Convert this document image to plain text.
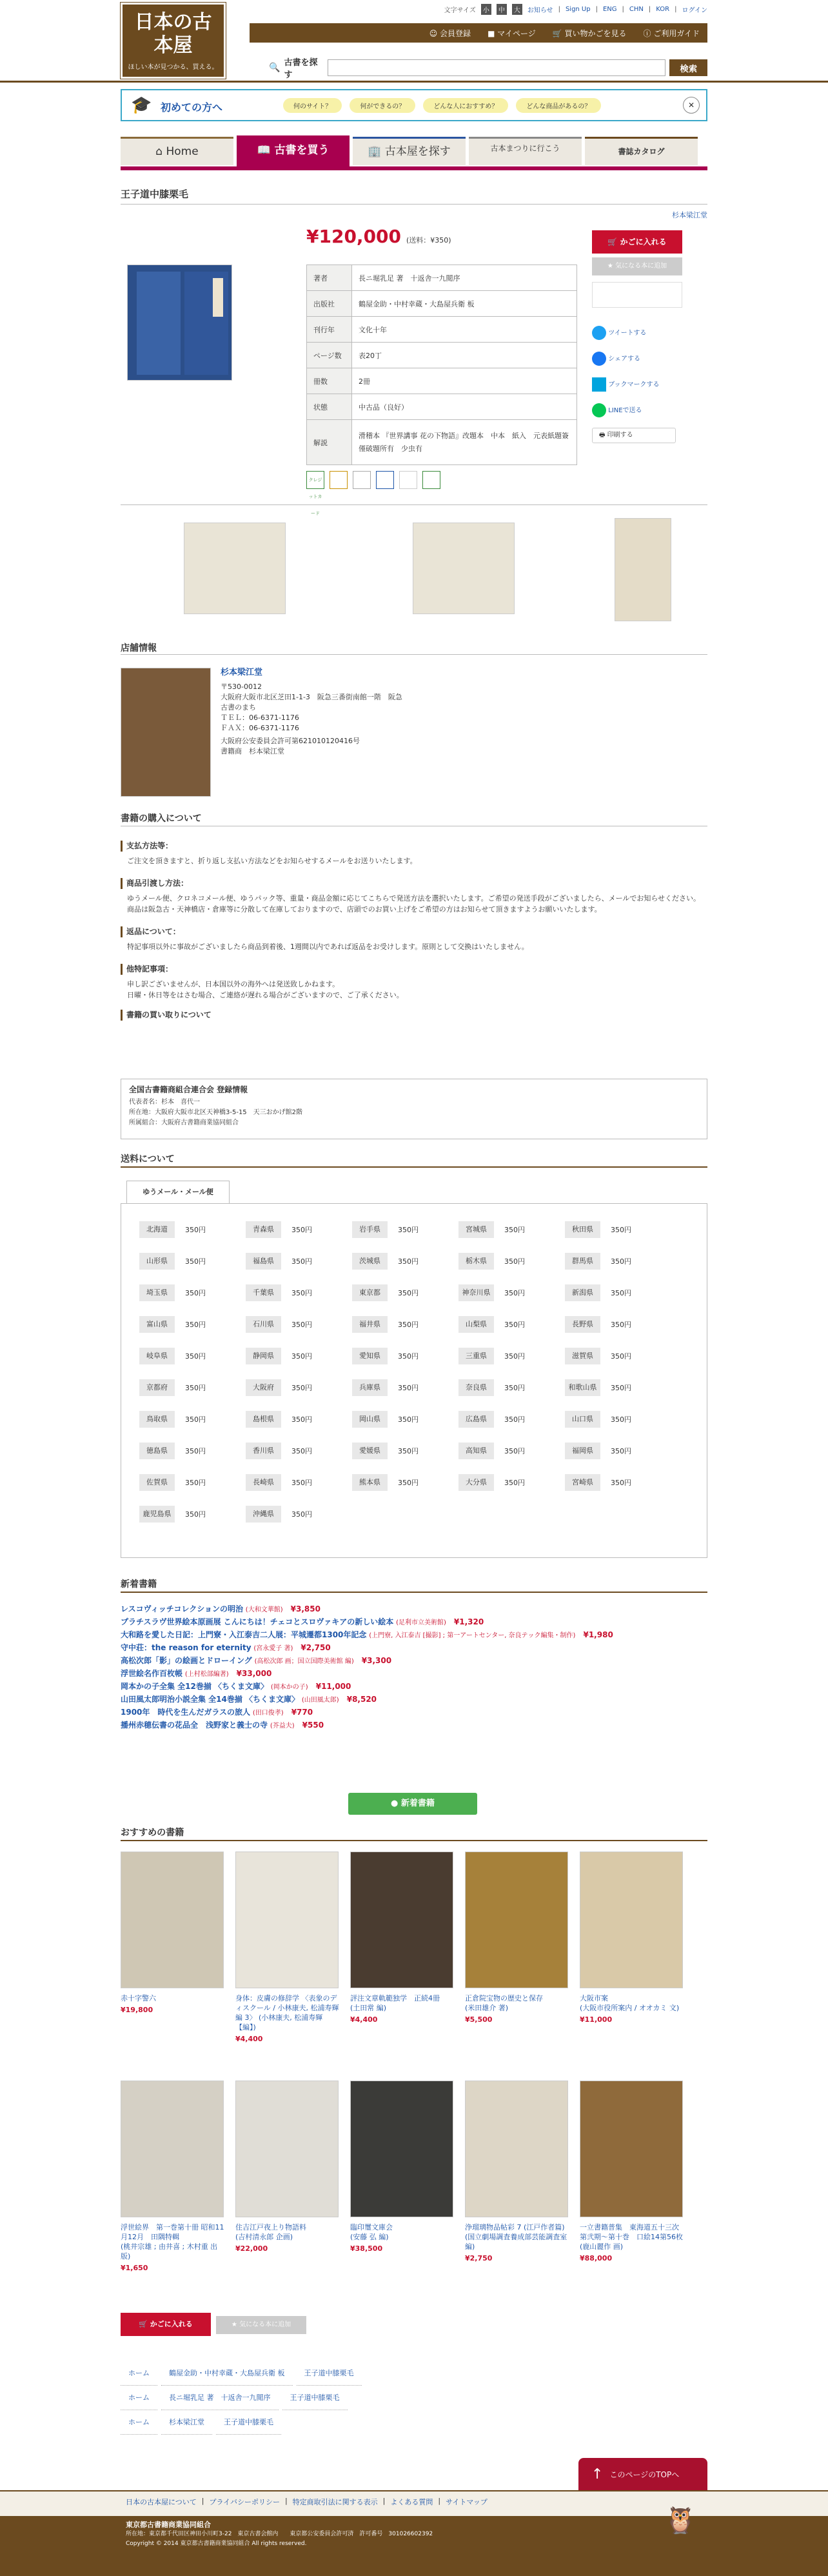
日本の古本屋
ほしい本が見つかる、買える。
文字サイズ	小	中	大	お知らせ | Sign Up | ENG | CHN | KOR | ログイン
☺ 会員登録 ■ マイページ 🛒 買い物かごを見る ⓘ ご利用ガイド
🔍 古書を探す
検索
🎓 初めての方へ	何のサイト？	何ができるの？	どんな人におすすめ？	どんな商品があるの？	✕
⌂ Home	📖 古書を買う	🏢 古本屋を探す	古本まつりに行こう	書誌カタログ
王子道中膝栗毛
杉本梁江堂
¥120,000 (送料：¥350)
著者	長ニ堀乳足 著　十返舎一九閲序
出版社	鶴屋金助・中村幸蔵・大島屋兵衛 板
刊行年	文化十年
ページ数	表20丁
冊数	2冊
状態	中古品（良好）
解説	滑稽本 『世界講事 花の下物語』改題本　中本　紙入　元表紙題簽　僅破題所有　少虫有
クレジットカード
🛒 かごに入れる
★ 気になる本に追加
ツイートする
シェアする
ブックマークする
LINEで送る
🖶 印刷する
店舗情報
杉本梁江堂
〒530-0012
大阪府大阪市北区芝田1-1-3　阪急三番街南館一階　阪急
古書のまち
ＴＥＬ：06-6371-1176
ＦＡＸ：06-6371-1176
大阪府公安委員会許可第621010120416号
書籍商　杉本梁江堂
書籍の購入について
支払方法等：
ご注文を頂きますと、折り返し支払い方法などをお知らせするメールをお送りいたします。
商品引渡し方法：
ゆうメール便、クロネコメール便、ゆうパック等、重量・商品金額に応じてこちらで発送方法を選択いたします。ご希望の発送手段がございましたら、メールでお知らせください。
商品は阪急古・天神橋店・倉庫等に分散して在庫しておりますので、店頭でのお買い上げをご希望の方はお知らせて頂きますようお願いいたします。
返品について：
特記事項以外に事故がございましたら商品到着後、1週間以内であれば返品をお受けします。原則として交換はいたしません。
他特記事項：
申し訳ございませんが、日本国以外の海外へは発送致しかねます。
日曜・休日等をはさむ場合、ご連絡が遅れる場合がございますので、ご了承ください。
書籍の買い取りについて
全国古書籍商組合連合会 登録情報
代表者名：杉本　喜代一
所在地：大阪府大阪市北区天神橋3-5-15　天三おかげ館2階
所属組合：大阪府古書籍商業協同組合
送料について
ゆうメール・メール便
北海道	350円	青森県	350円	岩手県	350円	宮城県	350円	秋田県	350円
山形県	350円	福島県	350円	茨城県	350円	栃木県	350円	群馬県	350円
埼玉県	350円	千葉県	350円	東京都	350円	神奈川県	350円	新潟県	350円
富山県	350円	石川県	350円	福井県	350円	山梨県	350円	長野県	350円
岐阜県	350円	静岡県	350円	愛知県	350円	三重県	350円	滋賀県	350円
京都府	350円	大阪府	350円	兵庫県	350円	奈良県	350円	和歌山県	350円
鳥取県	350円	島根県	350円	岡山県	350円	広島県	350円	山口県	350円
徳島県	350円	香川県	350円	愛媛県	350円	高知県	350円	福岡県	350円
佐賀県	350円	長崎県	350円	熊本県	350円	大分県	350円	宮崎県	350円
鹿児島県	350円	沖縄県	350円
新着書籍
レスコヴィッチコレクションの明治 (大和文華館)　 ¥3,850
プラチスラヴ世界絵本原画展 こんにちは！チェコとスロヴァキアの新しい絵本 (足利市立美術館)　 ¥1,320
大和路を愛した日記：上門寮・入江泰吉二人展：平城遷都1300年記念 (上門寮, 入江泰吉 [撮影] ; 第一アートセンター, 奈良テック編集・制作)　 ¥1,980
守中荘：the reason for eternity (宮永愛子 著)　 ¥2,750
高松次郎「影」の絵画とドローイング (高松次郎 画；国立国際美術館 編)　 ¥3,300
浮世絵名作百枚帳 (上村松部編著)　 ¥33,000
岡本かの子全集 全12巻揃 〈ちくま文庫〉 (岡本かの子)　 ¥11,000
山田風太郎明治小説全集 全14巻揃 〈ちくま文庫〉 (山田風太郎)　 ¥8,520
1900年　時代を生んだガラスの旅人 (田口俊孝)　 ¥770
播州赤穂伝書の花品全　浅野家と義士の寺 (芥益夫)　 ¥550
● 新着書籍
おすすめの書籍
赤十字警六
¥19,800
身体：皮膚の修辞学 〈表象のディスクール / 小林康夫, 松浦寿輝 編 3〉 (小林康夫, 松浦寿輝【編】)
¥4,400
評注文章軌範独学　正続4冊
(土田常 編)
¥4,400
正倉院宝物の歴史と保存
(米田雄介 著)
¥5,500
大阪市案
(大阪市役所案内 / オオカミ 文)
¥11,000
浮世絵界　第一巻第十冊 昭和11月12月　田隅特輯
(桃井宗雄 ; 由井喜 ; 木村重 出版)
¥1,650
住吉江戸夜上り物語料
(吉村清永郎 企画)
¥22,000
臨印璽文庫会
(安藤 弘 編)
¥38,500
浄瑠璃物品帖彩 7 (江戸作者篇)
(国立劇場調査養成部芸能調査室 編)
¥2,750
一立書籍普集　東海道五十三次　第弐期〜第十巻　口絵14第56枚
(鹿山麗作 画)
¥88,000
🛒 かごに入れる	★ 気になる本に追加
ホーム	鶴屋金助・中村幸蔵・大島屋兵衛 板	王子道中膝栗毛
ホーム	長ニ堀乳足 著　十返舎一九閲序	王子道中膝栗毛
ホーム	杉本梁江堂	王子道中膝栗毛
↑ このページのTOPへ
日本の古本屋について | プライバシーポリシー | 特定商取引法に関する表示 | よくある質問 | サイトマップ
東京都古書籍商業協同組合
所在地：東京都千代田区神田小川町3-22　東京古書会館内　　東京都公安委員会許可済　許可番号　301026602392
Copyright © 2014 東京都古書籍商業協同組合 All rights reserved.
🦉
